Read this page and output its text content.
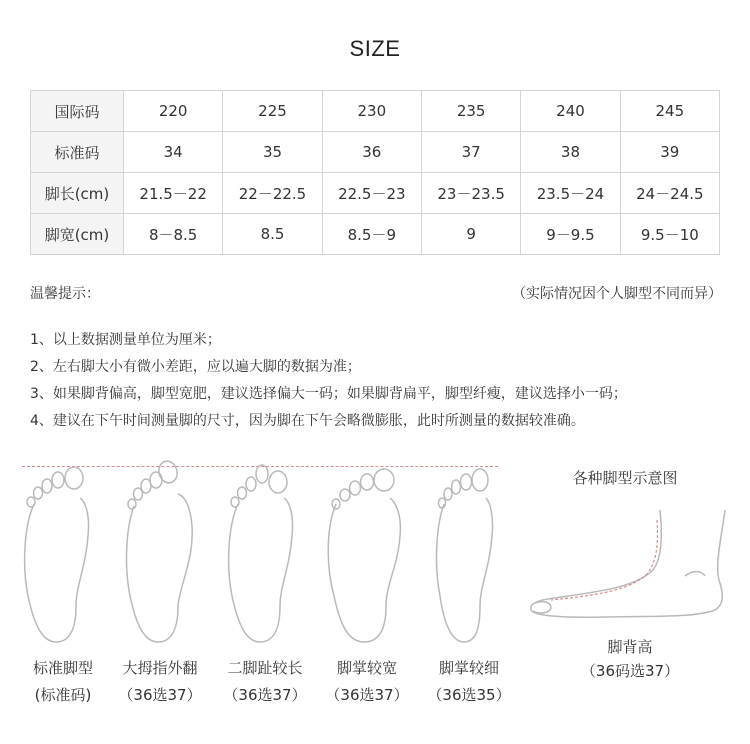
SIZE
国际码	220	225	230	235	240	245
标准码	34	35	36	37	38	39
脚长(cm)	21.5－22	22－22.5	22.5－23	23－23.5	23.5－24	24－24.5
脚宽(cm)	8－8.5	8.5	8.5－9	9	9－9.5	9.5－10
温馨提示：	（实际情况因个人脚型不同而异）
1、以上数据测量单位为厘米；
2、左右脚大小有微小差距，应以遍大脚的数据为准；
3、如果脚背偏高，脚型宽肥，建议选择偏大一码；如果脚背扁平，脚型纤瘦，建议选择小一码；
4、建议在下午时间测量脚的尺寸，因为脚在下午会略微膨胀，此时所测量的数据较准确。
标准脚型
(标准码)
大拇指外翻
（36选37）
二脚趾较长
（36选37）
脚掌较宽
（36选37）
脚掌较细
（36选35）
各种脚型示意图
脚背高
（36码选37）
